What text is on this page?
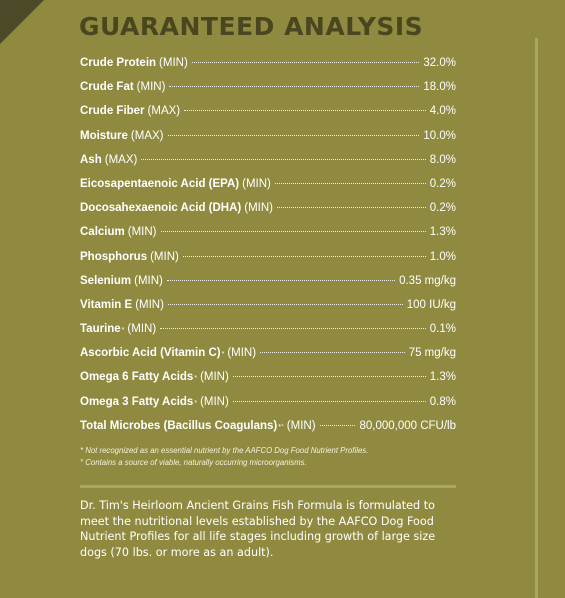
GUARANTEED ANALYSIS
Crude Protein (MIN)	32.0%
Crude Fat (MIN)	18.0%
Crude Fiber (MAX)	4.0%
Moisture (MAX)	10.0%
Ash (MAX)	8.0%
Eicosapentaenoic Acid (EPA) (MIN)	0.2%
Docosahexaenoic Acid (DHA) (MIN)	0.2%
Calcium (MIN)	1.3%
Phosphorus (MIN)	1.0%
Selenium (MIN)	0.35 mg/kg
Vitamin E (MIN)	100 IU/kg
Taurine * (MIN)	0.1%
Ascorbic Acid (Vitamin C) * (MIN)	75 mg/kg
Omega 6 Fatty Acids * (MIN)	1.3%
Omega 3 Fatty Acids * (MIN)	0.8%
Total Microbes (Bacillus Coagulans) *° (MIN)	80,000,000 CFU/lb
* Not recognized as an essential nutrient by the AAFCO Dog Food Nutrient Profiles.
° Contains a source of viable, naturally occurring microorganisms.

Dr. Tim's Heirloom Ancient Grains Fish Formula is formulated to meet the nutritional levels established by the AAFCO Dog Food Nutrient Profiles for all life stages including growth of large size dogs (70 lbs. or more as an adult).
